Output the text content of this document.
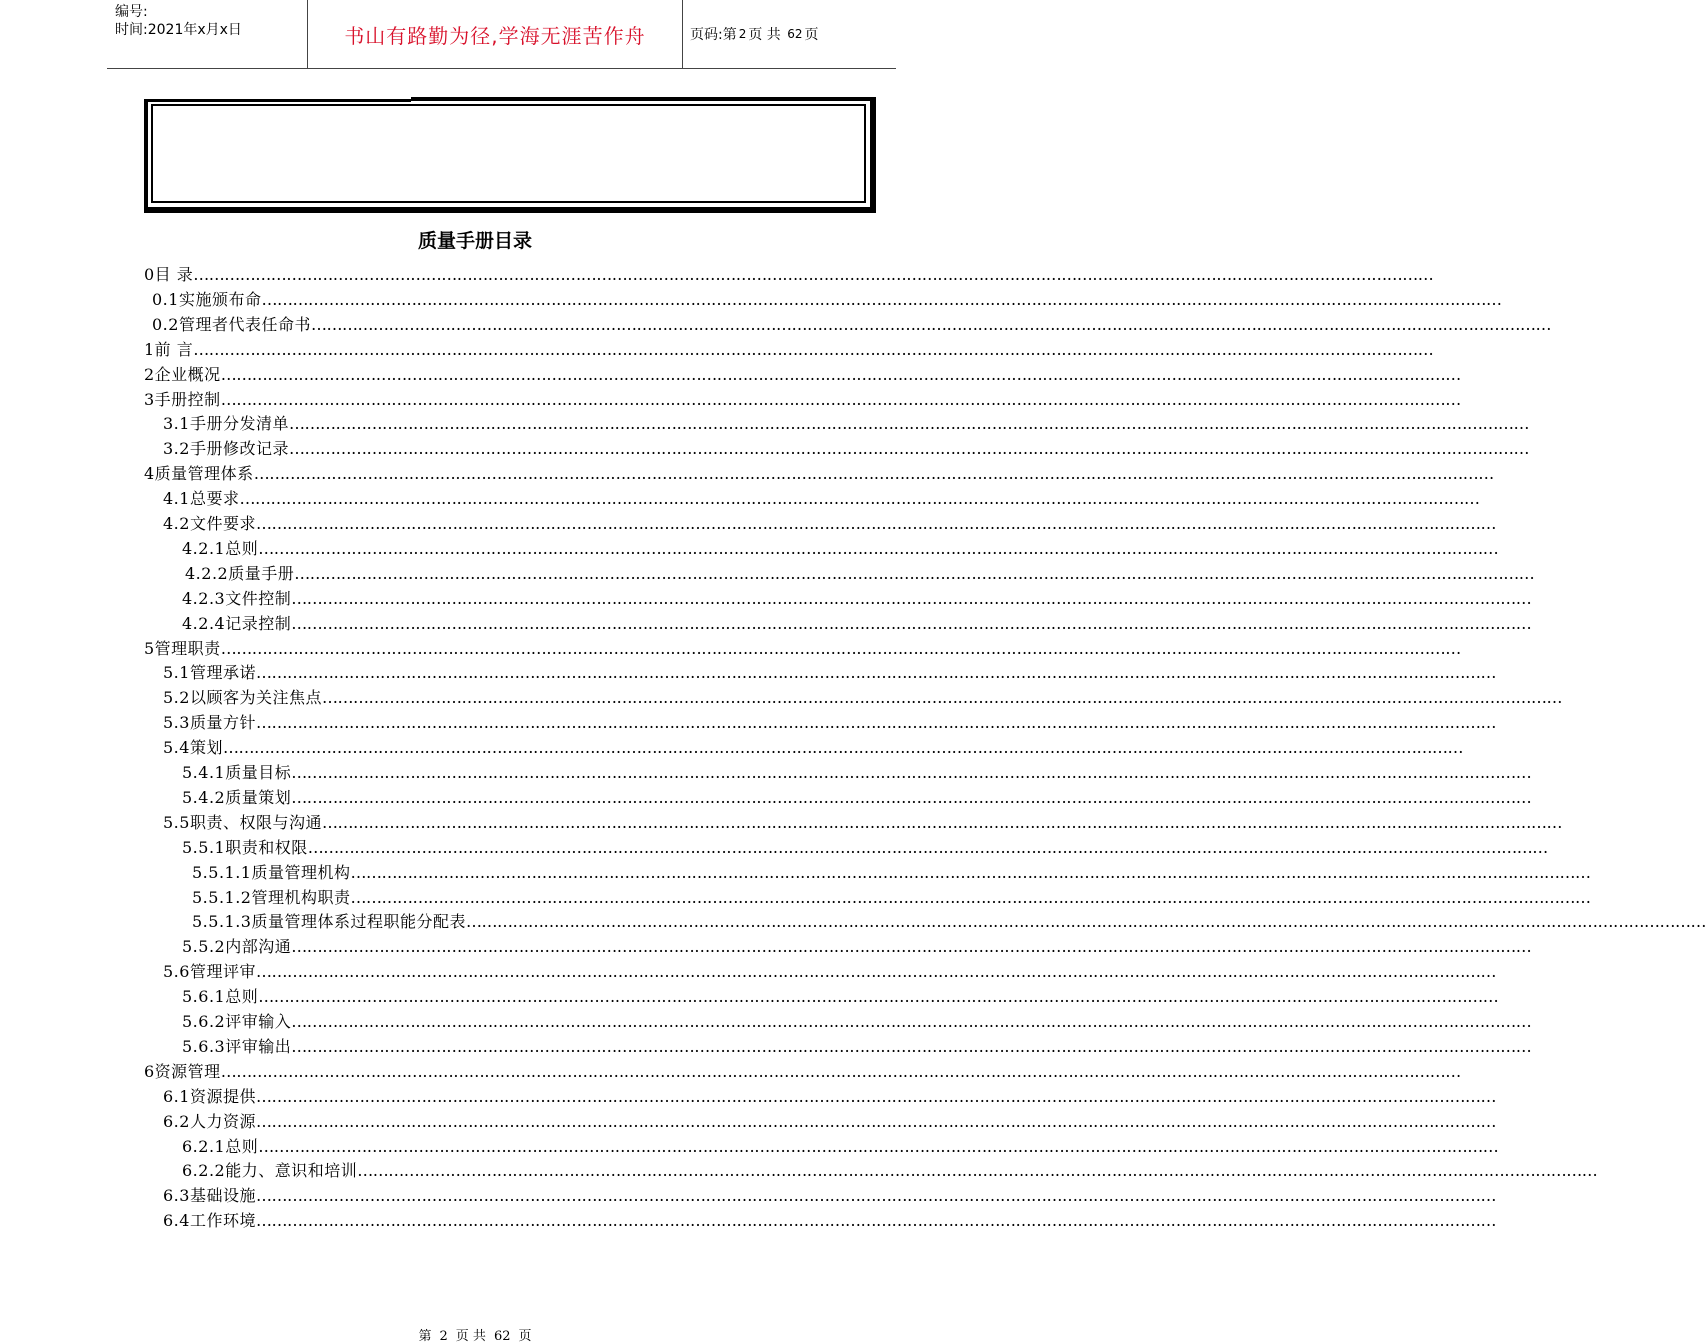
编号:
时间:2021年x月x日	书山有路勤为径,学海无涯苦作舟	页码:第 2 页 共
62 页
质量手册目录
0目 录……………………………………………………………………………………………………………………………………………………………………………………………………………………
0.1实施颁布命……………………………………………………………………………………………………………………………………………………………………………………………………………………
0.2管理者代表任命书……………………………………………………………………………………………………………………………………………………………………………………………………………………
1前 言……………………………………………………………………………………………………………………………………………………………………………………………………………………
2企业概况……………………………………………………………………………………………………………………………………………………………………………………………………………………
3手册控制……………………………………………………………………………………………………………………………………………………………………………………………………………………
3.1手册分发清单……………………………………………………………………………………………………………………………………………………………………………………………………………………
3.2手册修改记录……………………………………………………………………………………………………………………………………………………………………………………………………………………
4质量管理体系……………………………………………………………………………………………………………………………………………………………………………………………………………………
4.1总要求……………………………………………………………………………………………………………………………………………………………………………………………………………………
4.2文件要求……………………………………………………………………………………………………………………………………………………………………………………………………………………
4.2.1总则……………………………………………………………………………………………………………………………………………………………………………………………………………………
4.2.2质量手册……………………………………………………………………………………………………………………………………………………………………………………………………………………
4.2.3文件控制……………………………………………………………………………………………………………………………………………………………………………………………………………………
4.2.4记录控制……………………………………………………………………………………………………………………………………………………………………………………………………………………
5管理职责……………………………………………………………………………………………………………………………………………………………………………………………………………………
5.1管理承诺……………………………………………………………………………………………………………………………………………………………………………………………………………………
5.2以顾客为关注焦点……………………………………………………………………………………………………………………………………………………………………………………………………………………
5.3质量方针……………………………………………………………………………………………………………………………………………………………………………………………………………………
5.4策划……………………………………………………………………………………………………………………………………………………………………………………………………………………
5.4.1质量目标……………………………………………………………………………………………………………………………………………………………………………………………………………………
5.4.2质量策划……………………………………………………………………………………………………………………………………………………………………………………………………………………
5.5职责、权限与沟通……………………………………………………………………………………………………………………………………………………………………………………………………………………
5.5.1职责和权限……………………………………………………………………………………………………………………………………………………………………………………………………………………
5.5.1.1质量管理机构……………………………………………………………………………………………………………………………………………………………………………………………………………………
5.5.1.2管理机构职责……………………………………………………………………………………………………………………………………………………………………………………………………………………
5.5.1.3质量管理体系过程职能分配表……………………………………………………………………………………………………………………………………………………………………………………………………………………
5.5.2内部沟通……………………………………………………………………………………………………………………………………………………………………………………………………………………
5.6管理评审……………………………………………………………………………………………………………………………………………………………………………………………………………………
5.6.1总则……………………………………………………………………………………………………………………………………………………………………………………………………………………
5.6.2评审输入……………………………………………………………………………………………………………………………………………………………………………………………………………………
5.6.3评审输出……………………………………………………………………………………………………………………………………………………………………………………………………………………
6资源管理……………………………………………………………………………………………………………………………………………………………………………………………………………………
6.1资源提供……………………………………………………………………………………………………………………………………………………………………………………………………………………
6.2人力资源……………………………………………………………………………………………………………………………………………………………………………………………………………………
6.2.1总则……………………………………………………………………………………………………………………………………………………………………………………………………………………
6.2.2能力、意识和培训……………………………………………………………………………………………………………………………………………………………………………………………………………………
6.3基础设施……………………………………………………………………………………………………………………………………………………………………………………………………………………
6.4工作环境……………………………………………………………………………………………………………………………………………………………………………………………………………………
第 2 页 共 62 页
